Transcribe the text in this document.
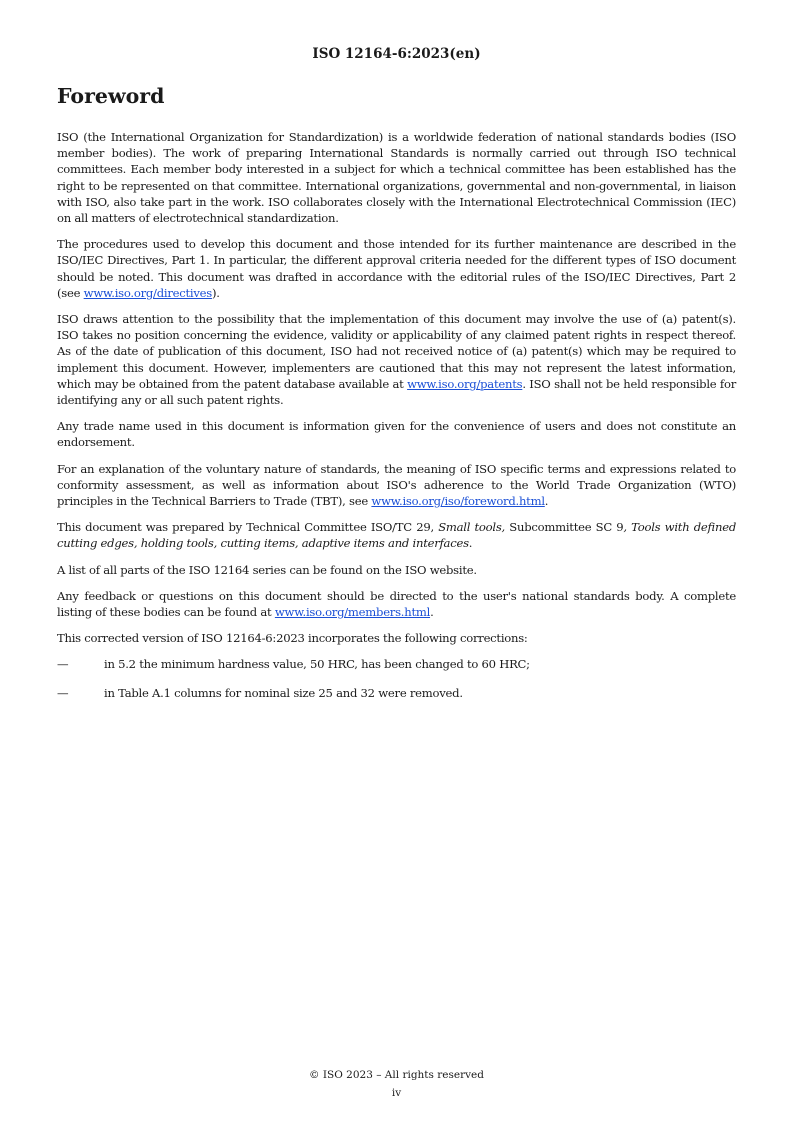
ISO 12164-6:2023(en)
Foreword

ISO (the International Organization for Standardization) is a worldwide federation of national standards bodies (ISO member bodies). The work of preparing International Standards is normally carried out through ISO technical committees. Each member body interested in a subject for which a technical committee has been established has the right to be represented on that committee. International organizations, governmental and non-governmental, in liaison with ISO, also take part in the work. ISO collaborates closely with the International Electrotechnical Commission (IEC) on all matters of electrotechnical standardization.

The procedures used to develop this document and those intended for its further maintenance are described in the ISO/IEC Directives, Part 1. In particular, the different approval criteria needed for the different types of ISO document should be noted. This document was drafted in accordance with the editorial rules of the ISO/IEC Directives, Part 2 (see www.iso.org/directives).

ISO draws attention to the possibility that the implementation of this document may involve the use of (a) patent(s). ISO takes no position concerning the evidence, validity or applicability of any claimed patent rights in respect thereof. As of the date of publication of this document, ISO had not received notice of (a) patent(s) which may be required to implement this document. However, implementers are cautioned that this may not represent the latest information, which may be obtained from the patent database available at www.iso.org/patents. ISO shall not be held responsible for identifying any or all such patent rights.

Any trade name used in this document is information given for the convenience of users and does not constitute an endorsement.

For an explanation of the voluntary nature of standards, the meaning of ISO specific terms and expressions related to conformity assessment, as well as information about ISO's adherence to the World Trade Organization (WTO) principles in the Technical Barriers to Trade (TBT), see www.iso.org/iso/foreword.html.

This document was prepared by Technical Committee ISO/TC 29, Small tools, Subcommittee SC 9, Tools with defined cutting edges, holding tools, cutting items, adaptive items and interfaces.

A list of all parts of the ISO 12164 series can be found on the ISO website.

Any feedback or questions on this document should be directed to the user's national standards body. A complete listing of these bodies can be found at www.iso.org/members.html.

This corrected version of ISO 12164-6:2023 incorporates the following corrections:

—	in 5.2 the minimum hardness value, 50 HRC, has been changed to 60 HRC;
—	in Table A.1 columns for nominal size 25 and 32 were removed.
© ISO 2023 – All rights reserved
iv
